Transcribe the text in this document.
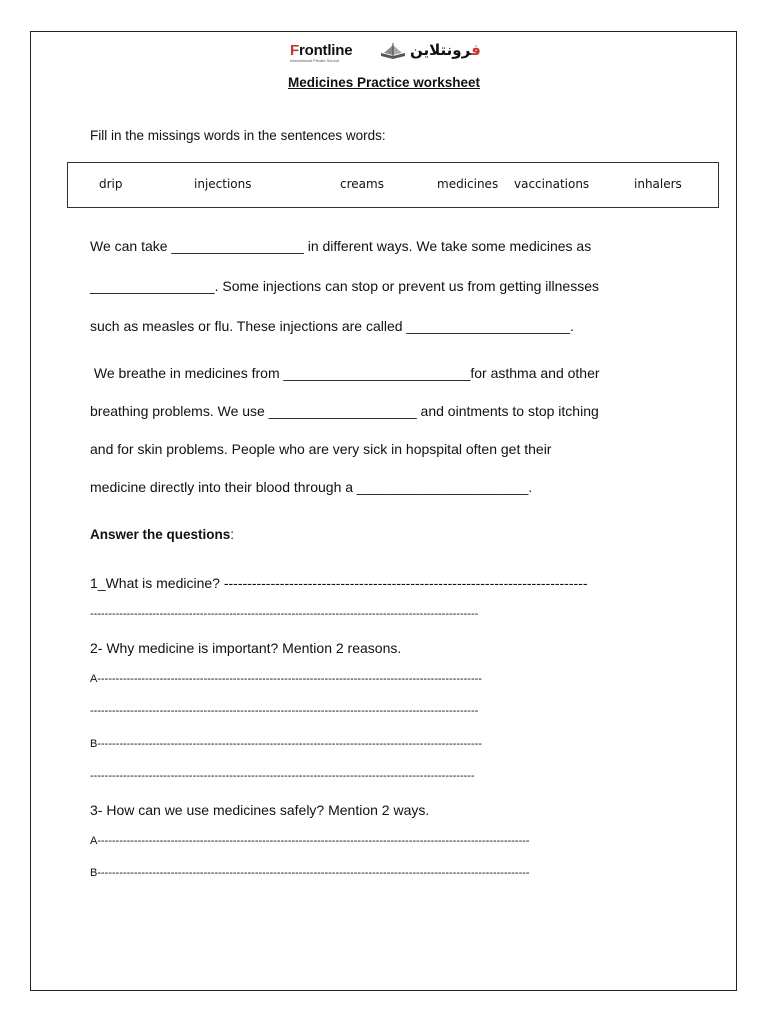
Frontline
International Private School
فرونتلاين
Medicines Practice worksheet
Fill in the missings words in the sentences words:
drip	injections	creams	medicines vaccinations	inhalers
We can take _________________ in different ways. We take some medicines as
________________. Some injections can stop or prevent us from getting illnesses
such as measles or flu. These injections are called _____________________.
We breathe in medicines from ________________________for asthma and other
breathing problems. We use ___________________ and ointments to stop itching
and for skin problems. People who are very sick in hopspital often get their
medicine directly into their blood through a ______________________.
Answer the questions:
1_What is medicine? ------------------------------------------------------------------------------
----------------------------------------------------------------------------------------------------------
2- Why medicine is important? Mention 2 reasons.
A---------------------------------------------------------------------------------------------------------
----------------------------------------------------------------------------------------------------------
B---------------------------------------------------------------------------------------------------------
---------------------------------------------------------------------------------------------------------
3- How can we use medicines safely? Mention 2 ways.
A----------------------------------------------------------------------------------------------------------------------
B----------------------------------------------------------------------------------------------------------------------
